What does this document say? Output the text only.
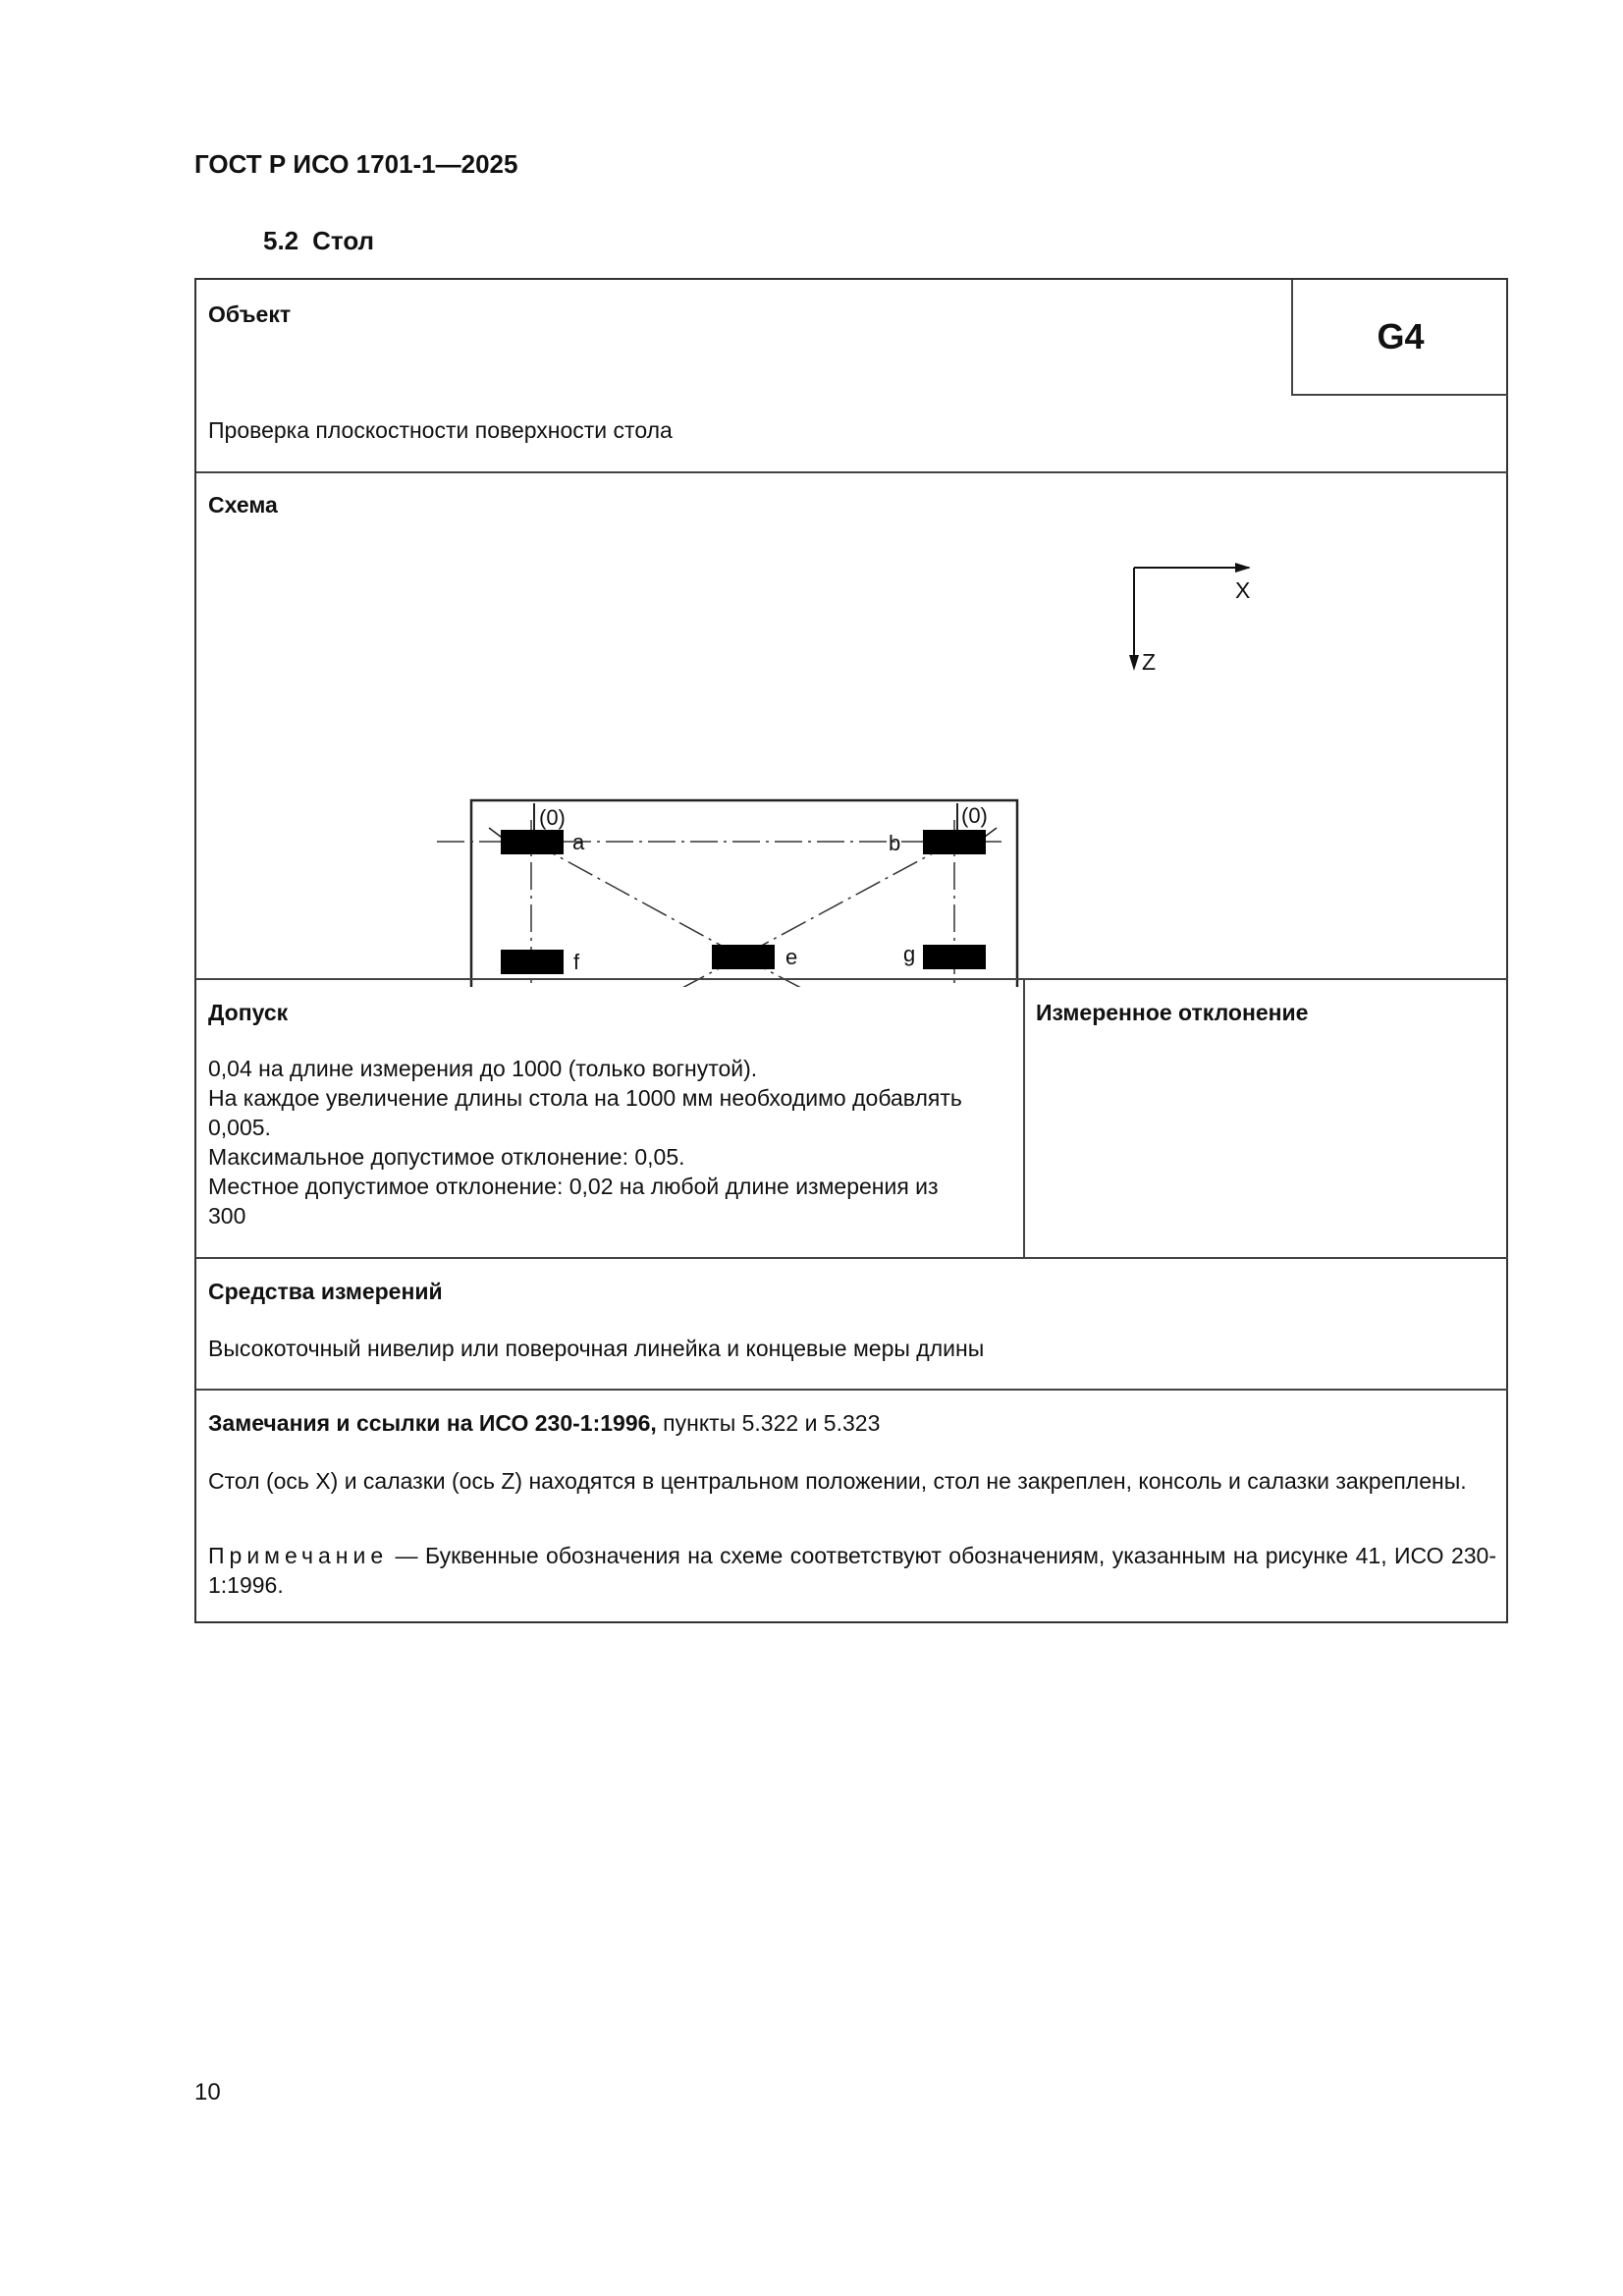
ГОСТ Р ИСО 1701-1—2025
5.2 Стол
Объект
G4
Проверка плоскостности поверхности стола
Схема
a	b
e
f	g
(0)	(0)
X
Z
Допуск
0,04 на длине измерения до 1000 (только вогнутой).
На каждое увеличение длины стола на 1000 мм необходимо добавлять
0,005.
Максимальное допустимое отклонение: 0,05.
Местное допустимое отклонение: 0,02 на любой длине измерения из
300
Измеренное отклонение
Средства измерений
Высокоточный нивелир или поверочная линейка и концевые меры длины
Замечания и ссылки на ИСО 230-1:1996, пункты 5.322 и 5.323
Стол (ось X) и салазки (ось Z) находятся в центральном положении, стол не закреплен, консоль и салазки закреплены.
Примечание — Буквенные обозначения на схеме соответствуют обозначениям, указанным на рисунке 41, ИСО 230-1:1996.
10
